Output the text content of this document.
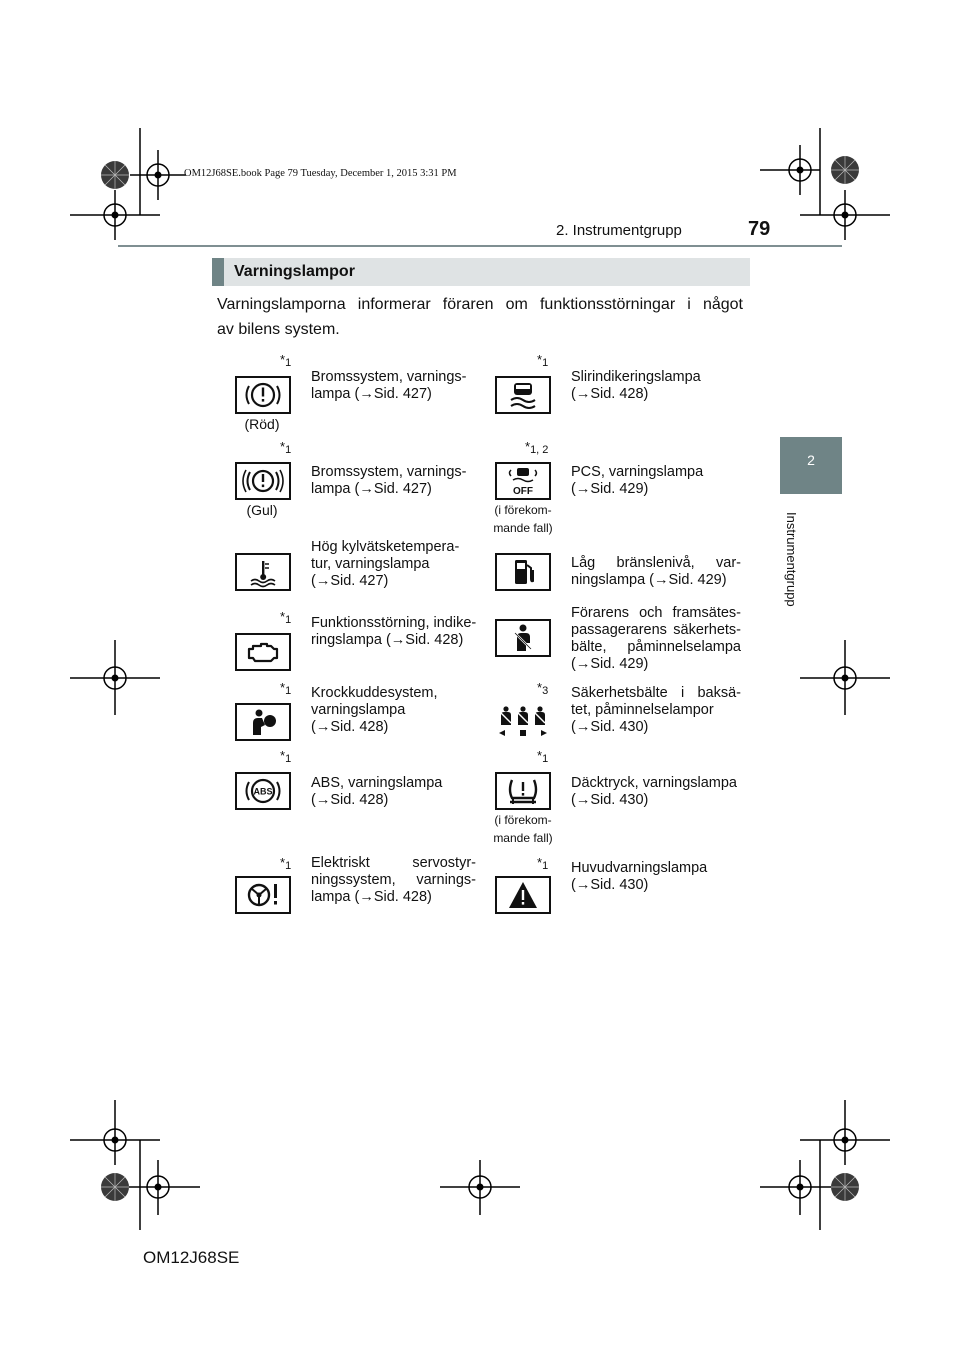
OM12J68SE.book Page 79 Tuesday, December 1, 2015 3:31 PM
2. Instrumentgrupp	79
2
Instrumentgrupp
Varningslampor
Varningslamporna informerar föraren om funktionsstörningar i något
av bilens system.
$*_1$
(Röd)
Bromssystem, varnings-
lampa (→Sid. 427)
$*_1$
Slirindikeringslampa
(→Sid. 428)
$*_1$
(Gul)
Bromssystem, varnings-
lampa (→Sid. 427)
$*_{1, 2}$
OFF
(i förekom-
mande fall)
PCS, varningslampa
(→Sid. 429)
Hög kylvätsketempera-
tur, varningslampa
(→Sid. 427)
Låg bränslenivå, var-
ningslampa (→Sid. 429)
$*_1$ Funktionsstörning, indike-
ringslampa (→Sid. 428)
Förarens och framsätes-
passagerarens säkerhets-
bälte, påminnelselampa
(→Sid. 429)
$*_1$ Krockkuddesystem,
varningslampa
(→Sid. 428)
$*_3$ Säkerhetsbälte i baksä-
tet, påminnelselampor
(→Sid. 430)
$*_1$
ABS
ABS, varningslampa
(→Sid. 428)
$*_1$
(i förekom-
mande fall)
Däcktryck, varningslampa
(→Sid. 430)
$*_1$ Elektriskt servostyr-
ningssystem, varnings-
lampa (→Sid. 428)
$*_1$ Huvudvarningslampa
(→Sid. 430)
OM12J68SE
